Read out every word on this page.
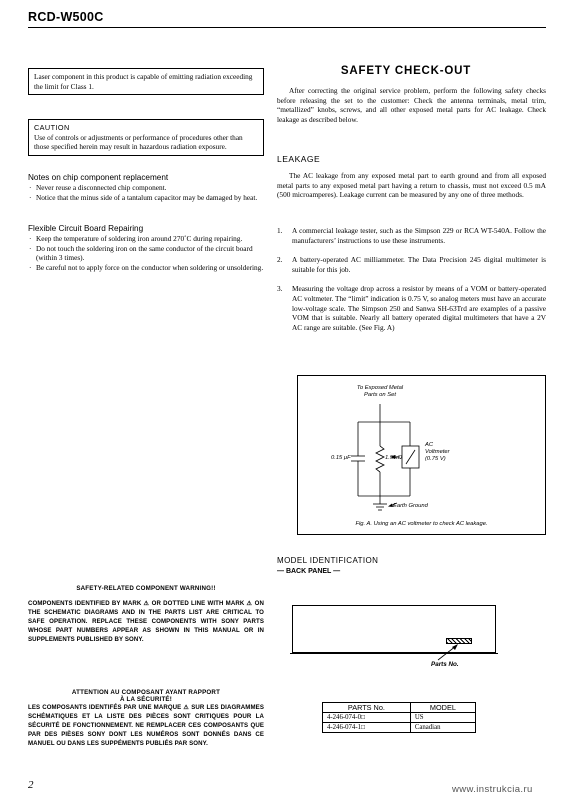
RCD-W500C
Laser component in this product is capable of emitting radiation exceeding the limit for Class 1.
CAUTION
Use of controls or adjustments or performance of procedures other than those specified herein may result in hazardous radiation exposure.
Notes on chip component replacement
· Never reuse a disconnected chip component.
· Notice that the minus side of a tantalum capacitor may be damaged by heat.
Flexible Circuit Board Repairing
· Keep the temperature of soldering iron around 270˚C during repairing.
· Do not touch the soldering iron on the same conductor of the circuit board (within 3 times).
· Be careful not to apply force on the conductor when soldering or unsoldering.
SAFETY-RELATED COMPONENT WARNING!!
COMPONENTS IDENTIFIED BY MARK ⚠ OR DOTTED LINE WITH MARK ⚠ ON THE SCHEMATIC DIAGRAMS AND IN THE PARTS LIST ARE CRITICAL TO SAFE OPERATION. REPLACE THESE COMPONENTS WITH SONY PARTS WHOSE PART NUMBERS APPEAR AS SHOWN IN THIS MANUAL OR IN SUPPLEMENTS PUBLISHED BY SONY.
ATTENTION AU COMPOSANT AYANT RAPPORT
À LA SÉCURITÉ!
LES COMPOSANTS IDENTIFÉS PAR UNE MARQUE ⚠ SUR LES DIAGRAMMES SCHÉMATIQUES ET LA LISTE DES PIÈCES SONT CRITIQUES POUR LA SÉCURITÉ DE FONCTIONNEMENT. NE REMPLACER CES COMPOSANTS QUE PAR DES PIÈSES SONY DONT LES NUMÉROS SONT DONNÉS DANS CE MANUEL OU DANS LES SUPPÉMENTS PUBLIÉS PAR SONY.
SAFETY CHECK-OUT
After correcting the original service problem, perform the following safety checks before releasing the set to the customer: Check the antenna terminals, metal trim, “metallized” knobs, screws, and all other exposed metal parts for AC leakage. Check leakage as described below.
LEAKAGE
The AC leakage from any exposed metal part to earth ground and from all exposed metal parts to any exposed metal part having a return to chassis, must not exceed 0.5 mA (500 microamperes). Leakage current can be measured by any one of three methods.
1. A commercial leakage tester, such as the Simpson 229 or RCA WT-540A. Follow the manufacturers’ instructions to use these instruments.
2. A battery-operated AC milliammeter. The Data Precision 245 digital multimeter is suitable for this job.
3. Measuring the voltage drop across a resistor by means of a VOM or battery-operated AC voltmeter. The “limit” indication is 0.75 V, so analog meters must have an accurate low-voltage scale. The Simpson 250 and Sanwa SH-63Trd are examples of a passive VOM that is suitable. Nearly all battery operated digital multimeters that have a 2V AC range are suitable. (See Fig. A)
To Exposed Metal
Parts on Set
0.15 μF	1.5 kΩ
AC
Voltmeter
(0.75 V)
Earth Ground
Fig. A. Using an AC voltmeter to check AC leakage.
MODEL IDENTIFICATION
— BACK PANEL —
Parts No.
PARTS No.	MODEL
4-246-074-0□	US
4-246-074-1□	Canadian
2	www.instrukcia.ru
